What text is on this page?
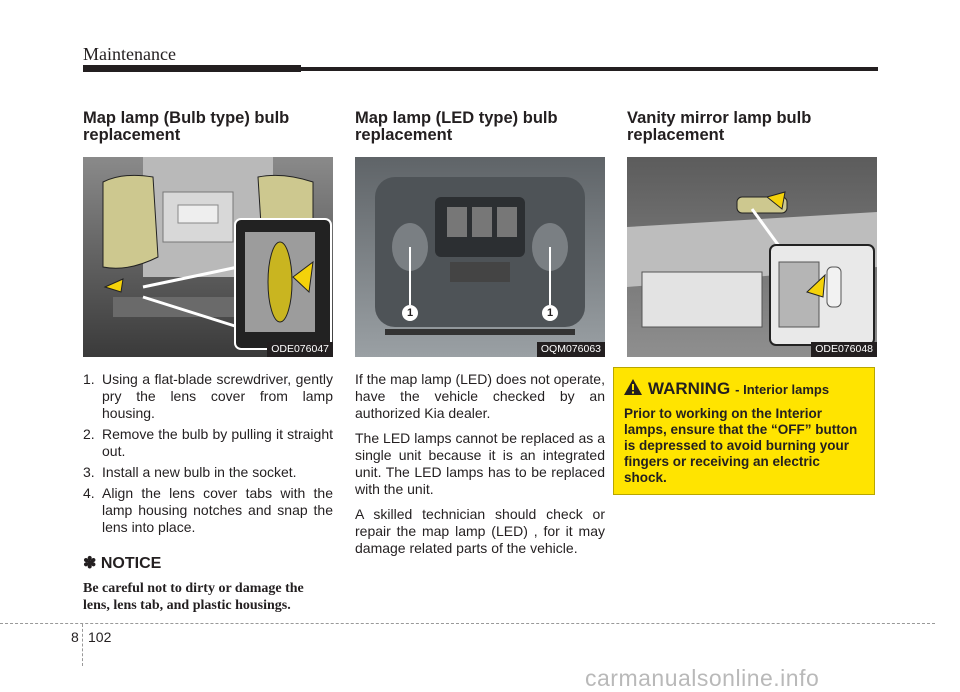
Maintenance
Map lamp (Bulb type) bulb replacement
ODE076047
1. Using a flat-blade screwdriver, gently pry the lens cover from lamp housing.
2. Remove the bulb by pulling it straight out.
3. Install a new bulb in the socket.
4. Align the lens cover tabs with the lamp housing notches and snap the lens into place.
✽ NOTICE
Be careful not to dirty or damage the lens, lens tab, and plastic housings.
Map lamp (LED type) bulb replacement
1	1
OQM076063

If the map lamp (LED) does not operate, have the vehicle checked by an authorized Kia dealer.

The LED lamps cannot be replaced as a single unit because it is an integrated unit. The LED lamps has to be replaced with the unit.

A skilled technician should check or repair the map lamp (LED) , for it may damage related parts of the vehicle.

Vanity mirror lamp bulb replacement
ODE076048
WARNING - Interior lamps
Prior to working on the Interior lamps, ensure that the “OFF” button is depressed to avoid burning your fingers or receiving an electric shock.
8 102
carmanualsonline.info
